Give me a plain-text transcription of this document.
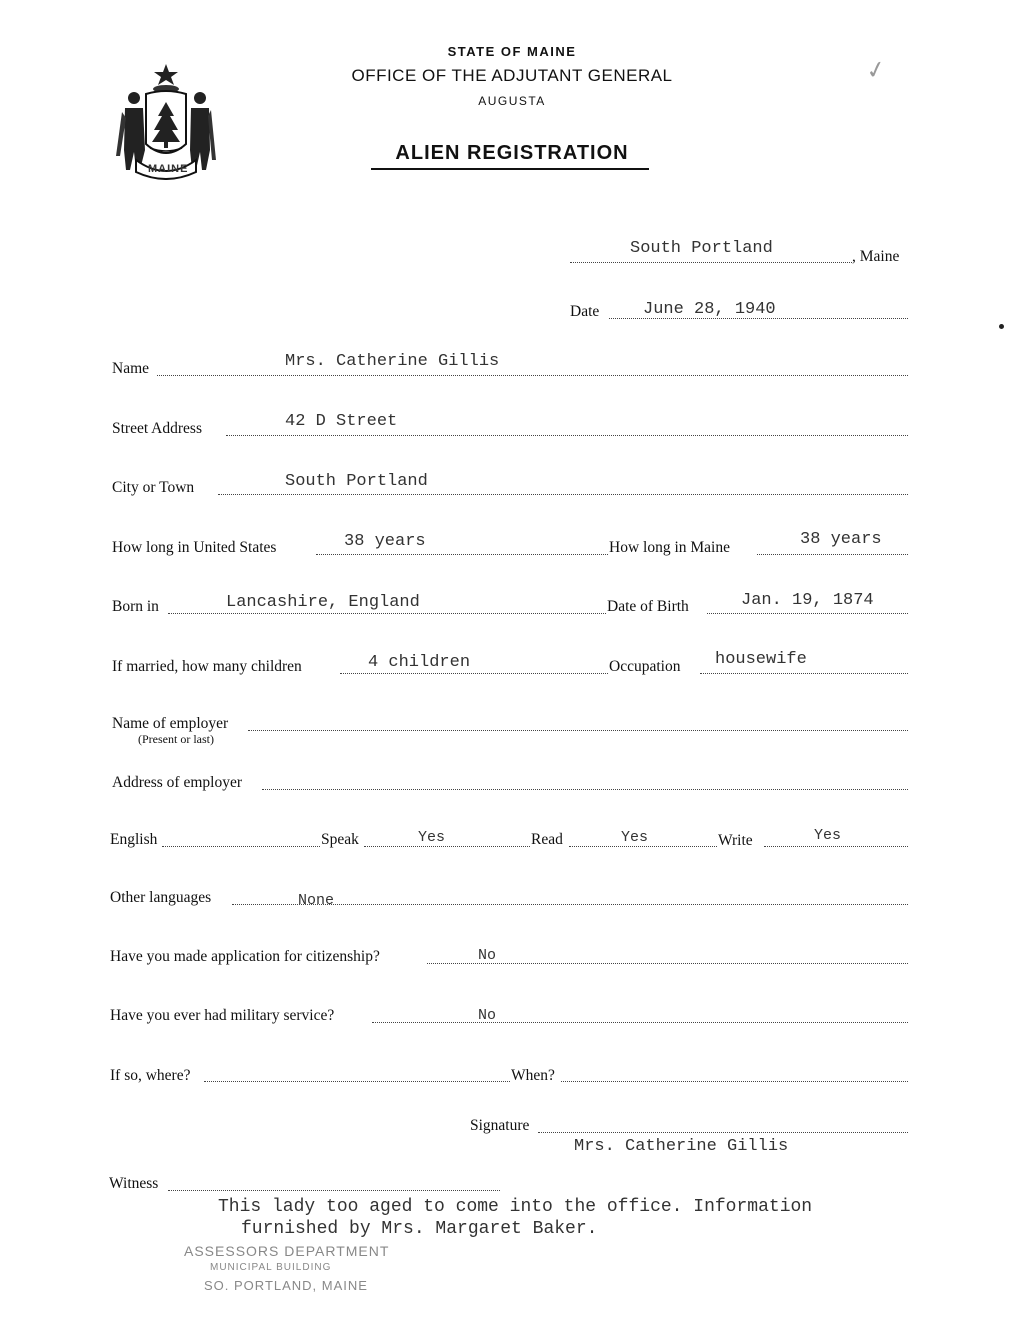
MAINE
STATE OF MAINE
OFFICE OF THE ADJUTANT GENERAL
AUGUSTA
ALIEN REGISTRATION
✓
South Portland	, Maine
Date	June 28, 1940
Name	Mrs. Catherine Gillis
Street Address	42 D Street
City or Town	South Portland
How long in United States	38 years	How long in Maine	38 years
Born in	Lancashire, England	Date of Birth	Jan. 19, 1874
If married, how many children	4 children	Occupation housewife
Name of employer
(Present or last)
Address of employer
English	Speak	Yes	Read	Yes	Write	Yes
Other languages	None
Have you made application for citizenship?	No
Have you ever had military service?	No
If so, where?	When?
Signature
Mrs. Catherine Gillis
Witness
This lady too aged to come into the office. Information
furnished by Mrs. Margaret Baker.
ASSESSORS DEPARTMENT
MUNICIPAL BUILDING
SO. PORTLAND, MAINE
